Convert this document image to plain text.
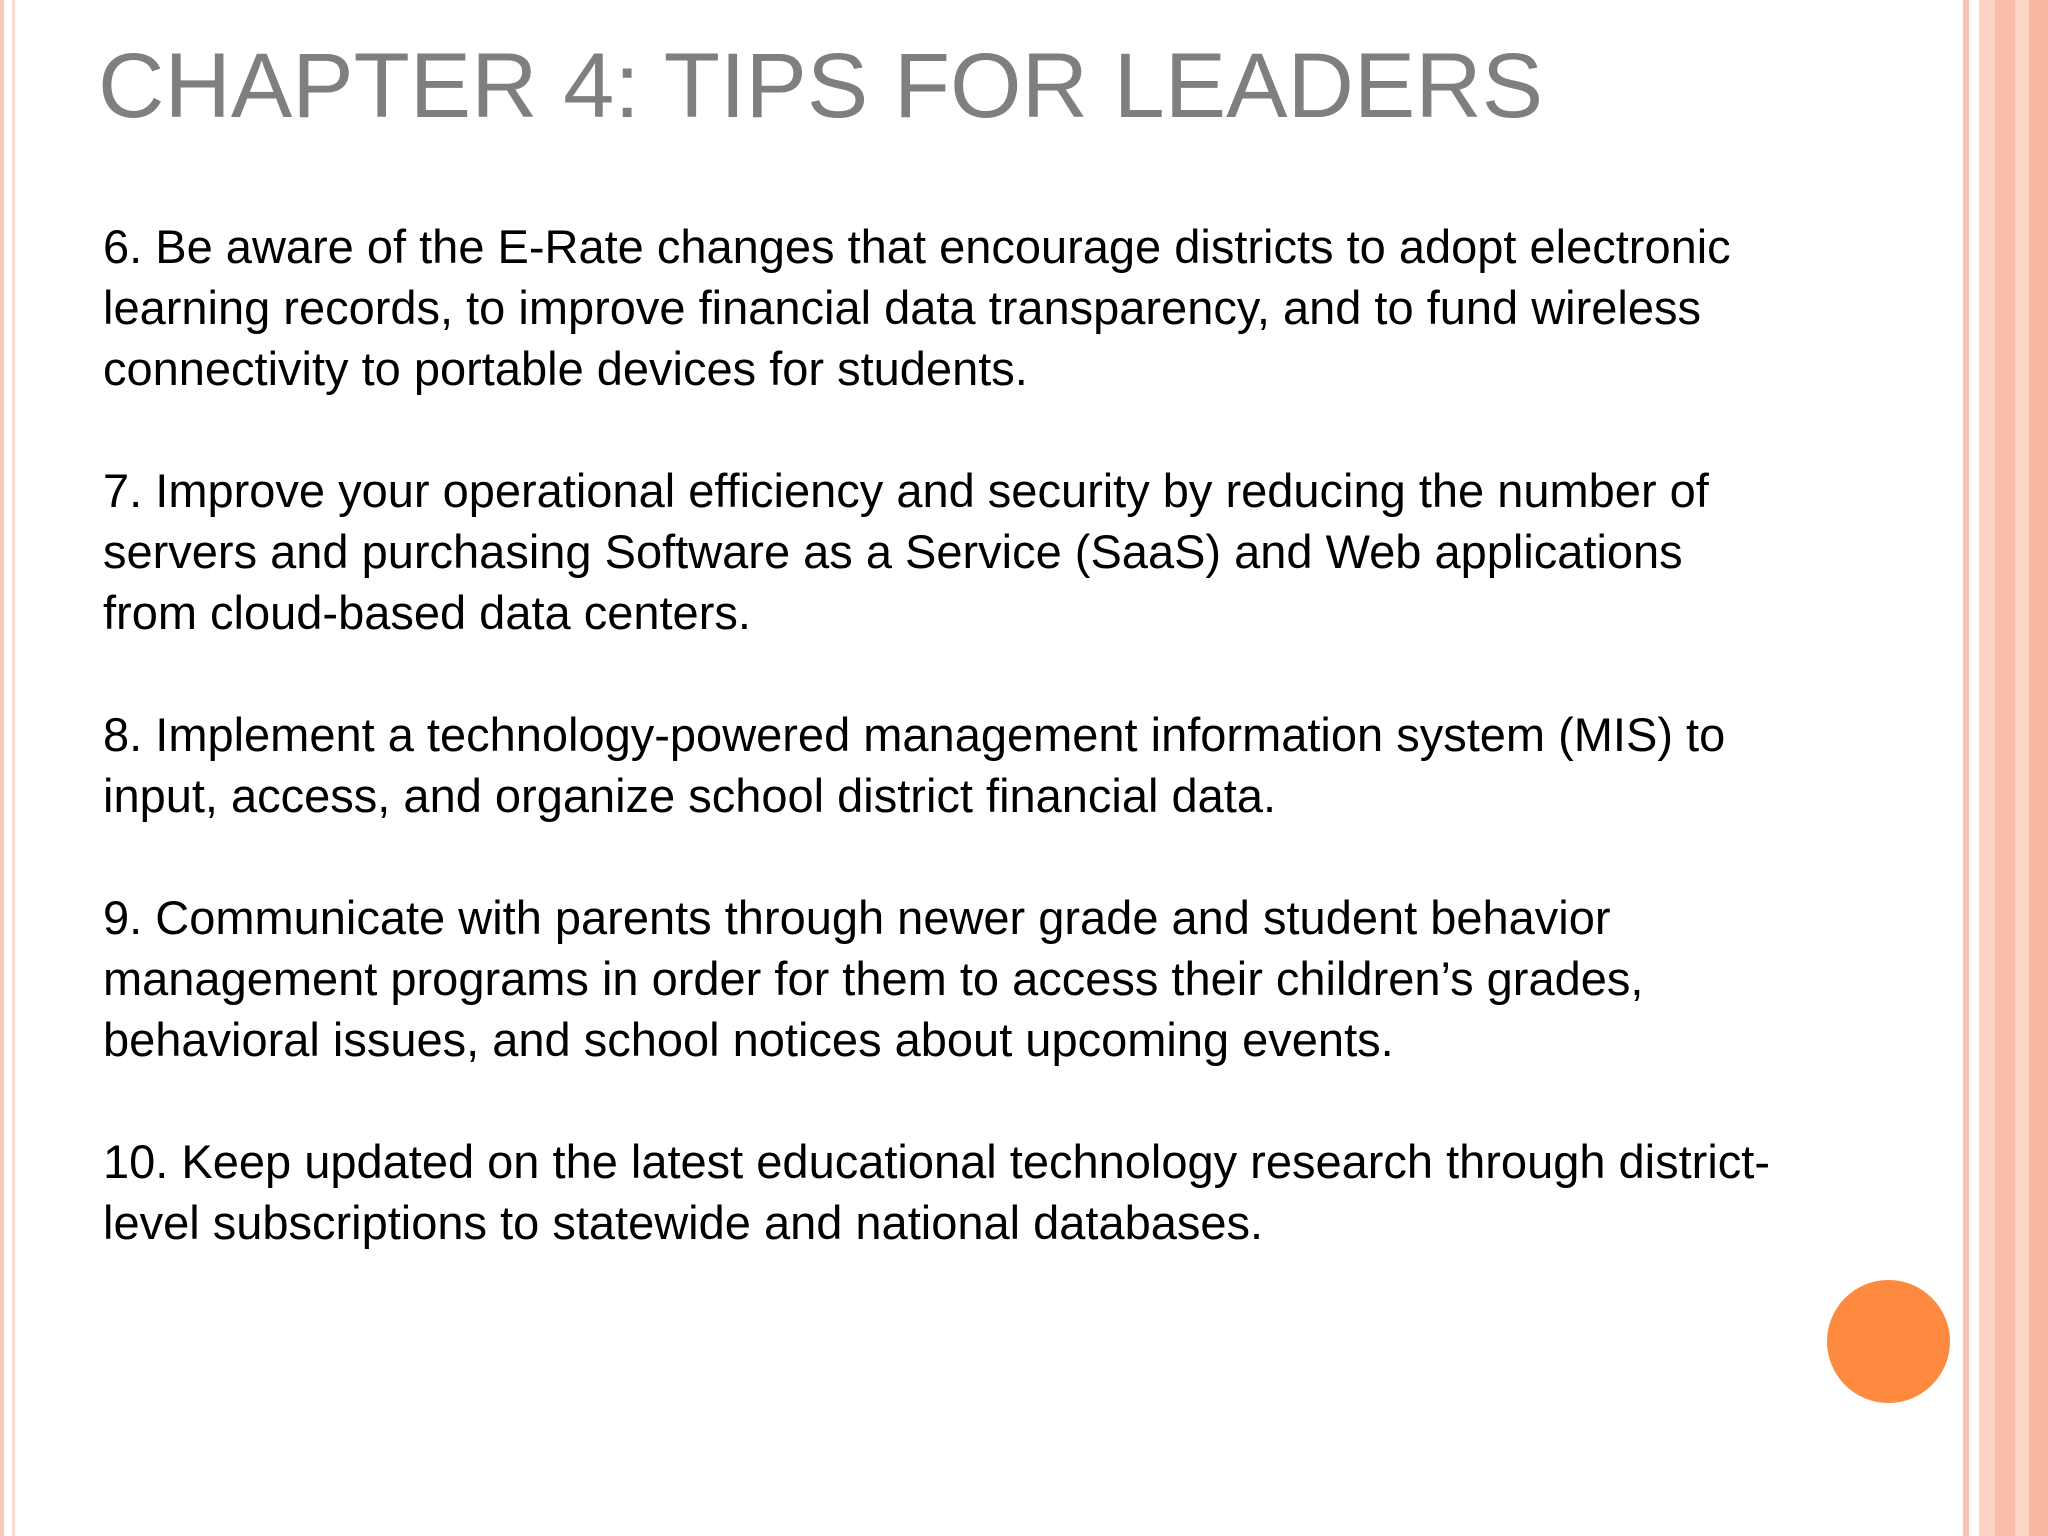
CHAPTER 4: TIPS FOR LEADERS

6. Be aware of the E-Rate changes that encourage districts to adopt electronic
learning records, to improve financial data transparency, and to fund wireless
connectivity to portable devices for students.

7. Improve your operational efficiency and security by reducing the number of
servers and purchasing Software as a Service (SaaS) and Web applications
from cloud-based data centers.

8. Implement a technology-powered management information system (MIS) to
input, access, and organize school district financial data.

9. Communicate with parents through newer grade and student behavior
management programs in order for them to access their children’s grades,
behavioral issues, and school notices about upcoming events.

10. Keep updated on the latest educational technology research through district-
level subscriptions to statewide and national databases.
